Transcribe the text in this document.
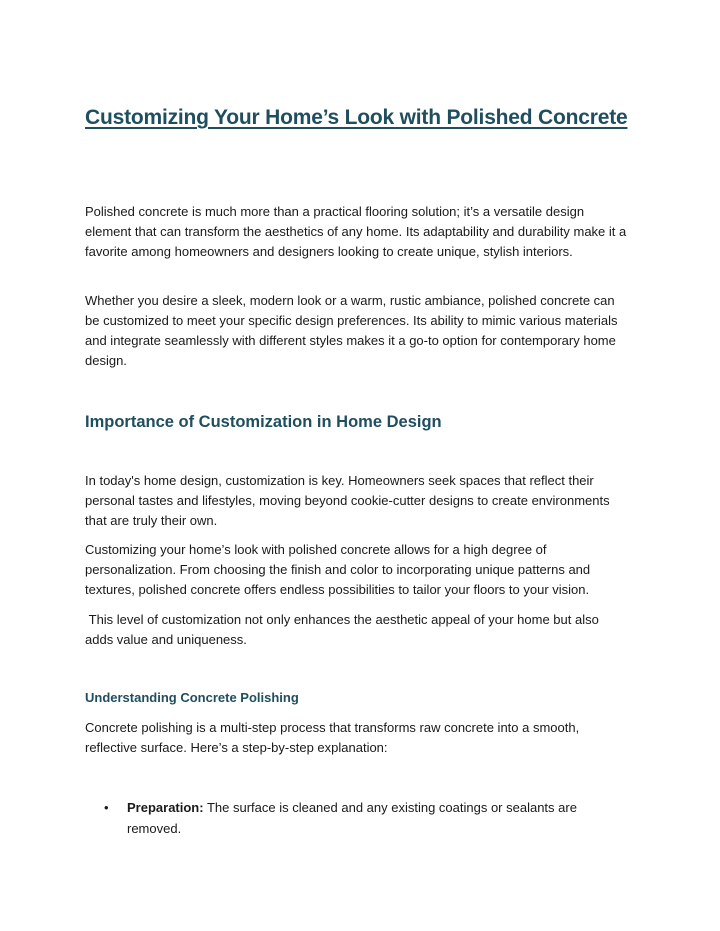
Customizing Your Home’s Look with Polished Concrete

Polished concrete is much more than a practical flooring solution; it’s a versatile design element that can transform the aesthetics of any home. Its adaptability and durability make it a favorite among homeowners and designers looking to create unique, stylish interiors.

Whether you desire a sleek, modern look or a warm, rustic ambiance, polished concrete can be customized to meet your specific design preferences. Its ability to mimic various materials and integrate seamlessly with different styles makes it a go-to option for contemporary home design.

Importance of Customization in Home Design

In today's home design, customization is key. Homeowners seek spaces that reflect their personal tastes and lifestyles, moving beyond cookie-cutter designs to create environments that are truly their own.

Customizing your home’s look with polished concrete allows for a high degree of personalization. From choosing the finish and color to incorporating unique patterns and textures, polished concrete offers endless possibilities to tailor your floors to your vision.

This level of customization not only enhances the aesthetic appeal of your home but also adds value and uniqueness.

Understanding Concrete Polishing

Concrete polishing is a multi-step process that transforms raw concrete into a smooth, reflective surface. Here’s a step-by-step explanation:

• Preparation: The surface is cleaned and any existing coatings or sealants are removed.
